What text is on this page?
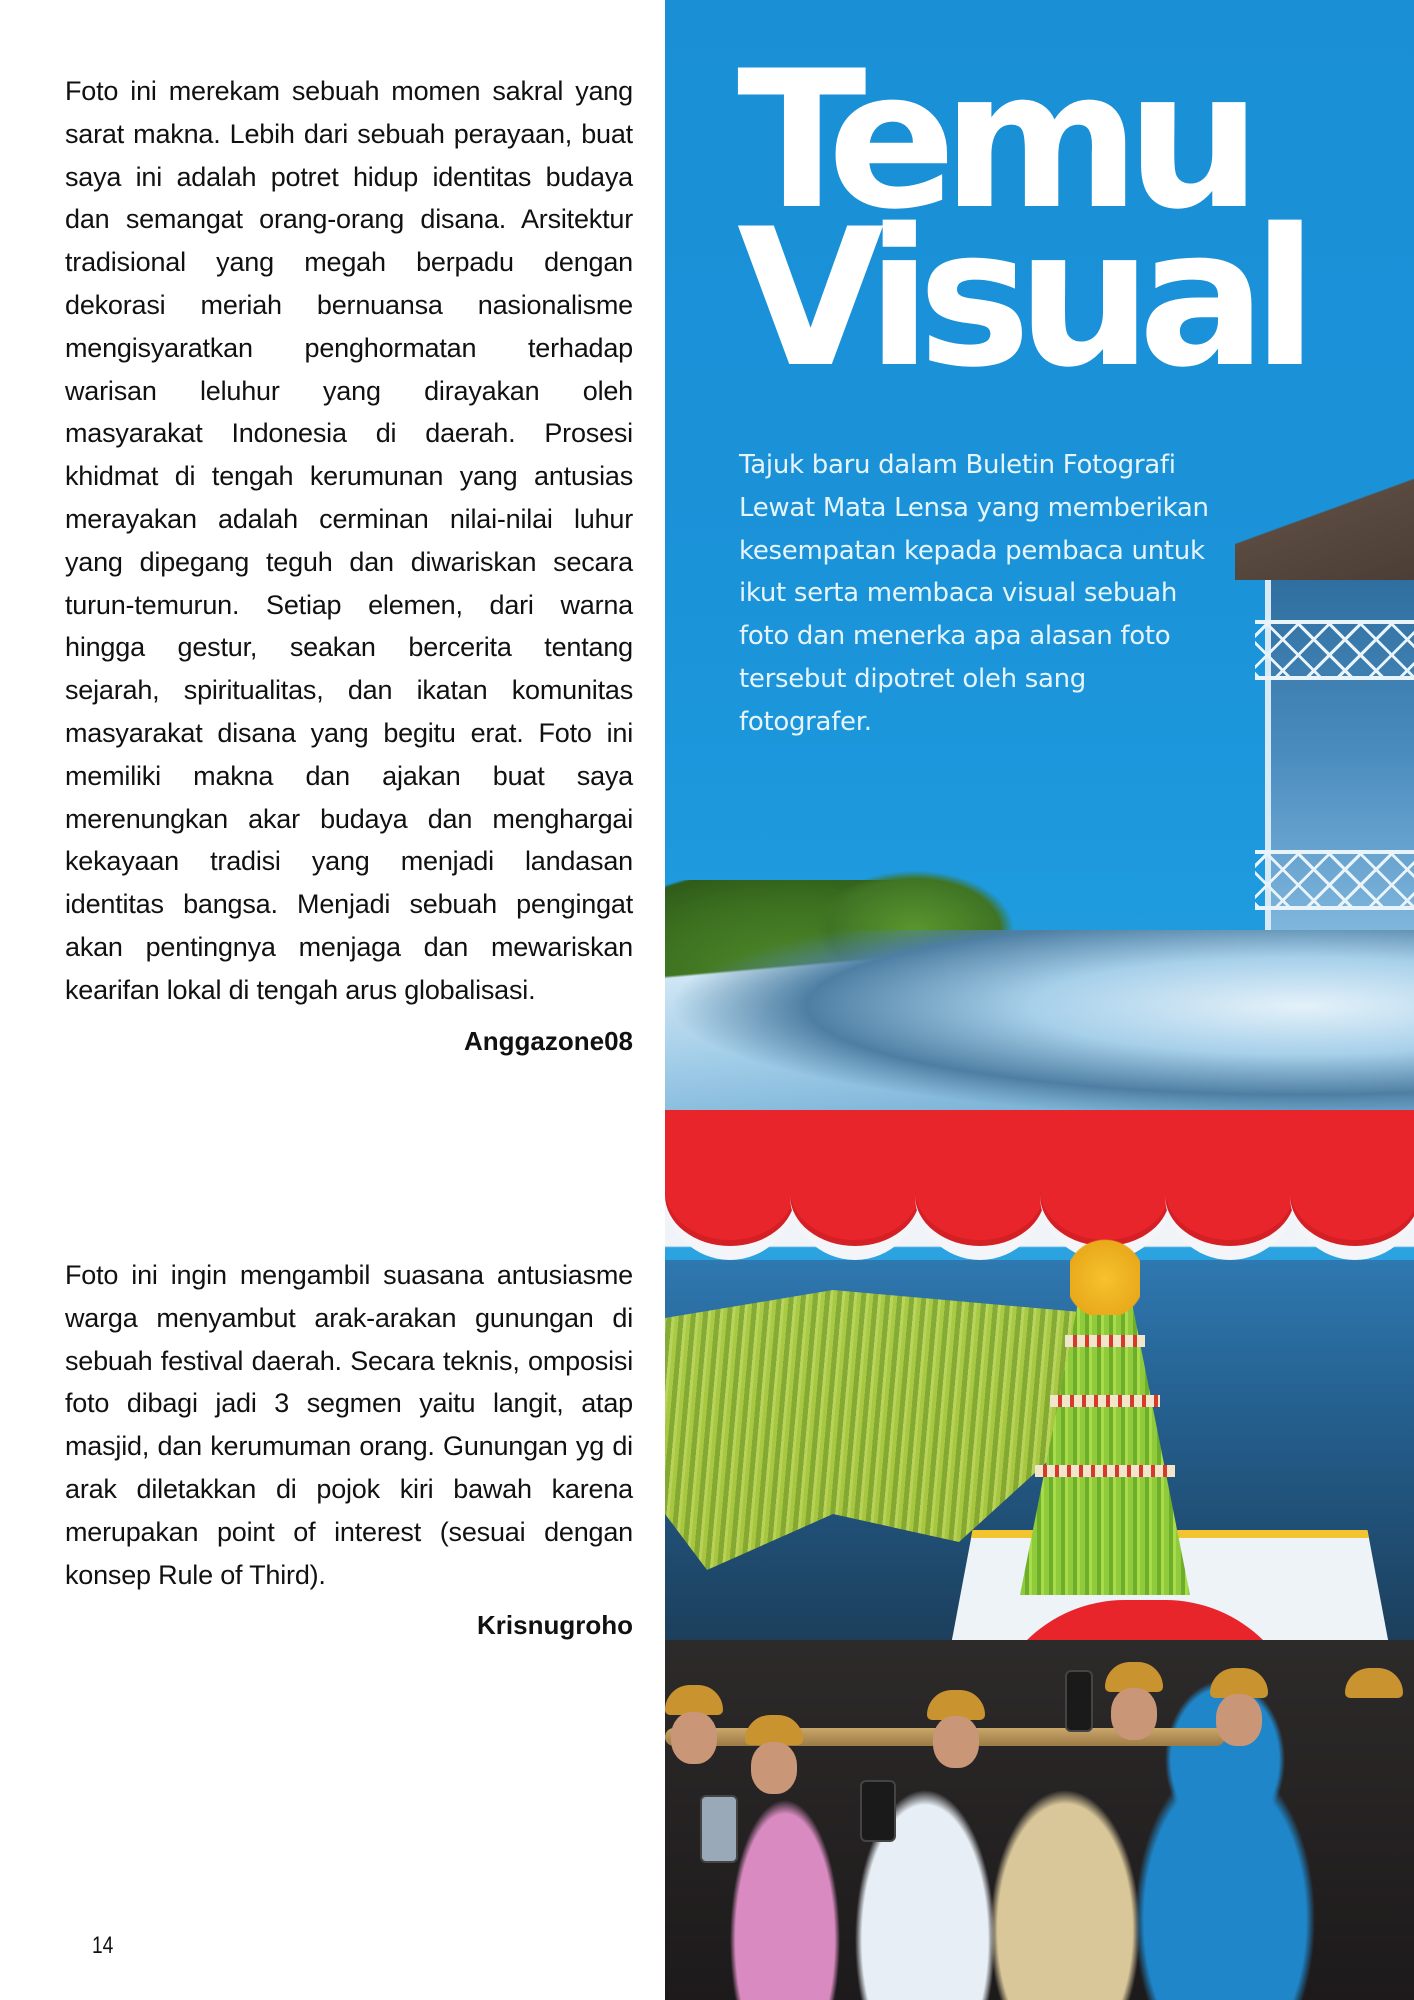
Foto ini merekam sebuah momen sakral yang sarat makna. Lebih dari sebuah perayaan, buat saya ini adalah potret hidup identitas budaya dan semangat orang-orang disana. Arsitektur tradisional yang megah berpadu dengan dekorasi meriah bernuansa nasionalisme mengisyaratkan penghormatan terhadap warisan leluhur yang dirayakan oleh masyarakat Indonesia di daerah. Prosesi khidmat di tengah kerumunan yang antusias merayakan adalah cerminan nilai-nilai luhur yang dipegang teguh dan diwariskan secara turun-temurun. Setiap elemen, dari warna hingga gestur, seakan bercerita tentang sejarah, spiritualitas, dan ikatan komunitas masyarakat disana yang begitu erat. Foto ini memiliki makna dan ajakan buat saya merenungkan akar budaya dan menghargai kekayaan tradisi yang menjadi landasan identitas bangsa. Menjadi sebuah pengingat akan pentingnya menjaga dan mewariskan kearifan lokal di tengah arus globalisasi.

Anggazone08

Foto ini ingin mengambil suasana antusiasme warga menyambut arak-arakan gunungan di sebuah festival daerah. Secara teknis, omposisi foto dibagi jadi 3 segmen yaitu langit, atap masjid, dan kerumuman orang. Gunungan yg di arak diletakkan di pojok kiri bawah karena merupakan point of interest (sesuai dengan konsep Rule of Third).

Krisnugroho

14
Temu
Visual

Tajuk baru dalam Buletin Fotografi Lewat Mata Lensa yang memberikan kesempatan kepada pembaca untuk ikut serta membaca visual sebuah foto dan menerka apa alasan foto tersebut dipotret oleh sang fotografer.
